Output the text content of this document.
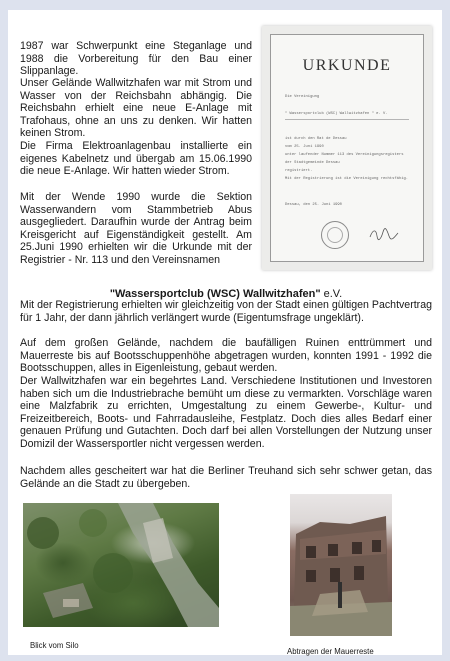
1987 war Schwerpunkt eine Steganlage und 1988 die Vorbereitung für den Bau einer Slippanlage.

Unser Gelände Wallwitzhafen war mit Strom und Wasser von der Reichsbahn abhängig. Die Reichsbahn erhielt eine neue E-Anlage mit Trafohaus, ohne an uns zu denken. Wir hatten keinen Strom.

Die Firma Elektroanlagenbau installierte ein eigenes Kabelnetz und übergab am 15.06.1990 die neue E-Anlage. Wir hatten wieder Strom.

Mit der Wende 1990 wurde die Sektion Wasserwandern vom Stammbetrieb Abus ausgegliedert. Daraufhin wurde der Antrag beim Kreisgericht auf Eigenständigkeit gestellt. Am 25.Juni 1990 erhielten wir die Urkunde mit der Registrier - Nr. 113 und den Vereinsnamen

URKUNDE
Die Vereinigung
" Wassersportclub (WSC) Wallwitzhafen " e. V.
ist durch den Rat de Dessau
vom 25. Juni 1990
unter laufender Nummer 113 des Vereinigungsregisters
der Stadtgemeinde Dessau
registriert.
Mit der Registrierung ist die Vereinigung rechtsfähig.
Dessau, den 25. Juni 1990

"Wassersportclub (WSC) Wallwitzhafen" e.V.

Mit der Registrierung erhielten wir gleichzeitig von der Stadt einen gültigen Pachtvertrag für 1 Jahr, der dann jährlich verlängert wurde (Eigentumsfrage ungeklärt).

Auf dem großen Gelände, nachdem die baufälligen Ruinen enttrümmert und Mauerreste bis auf Bootsschuppenhöhe abgetragen wurden, konnten 1991 - 1992 die Bootsschuppen, alles in Eigenleistung, gebaut werden.

Der Wallwitzhafen war ein begehrtes Land. Verschiedene Institutionen und Investoren haben sich um die Industriebrache bemüht um diese zu vermarkten. Vorschläge waren eine Malzfabrik zu errichten, Umgestaltung zu einem Gewerbe-, Kultur- und Freizeitbereich, Boots- und Fahrradausleihe, Festplatz. Doch dies alles Bedarf einer genauen Prüfung und Gutachten. Doch darf bei allen Vorstellungen der Nutzung unser Domizil der Wassersportler nicht vergessen werden.

Nachdem alles gescheitert war hat die Berliner Treuhand sich sehr schwer getan, das Gelände an die Stadt zu übergeben.

Blick vom Silo

Abtragen der Mauerreste
